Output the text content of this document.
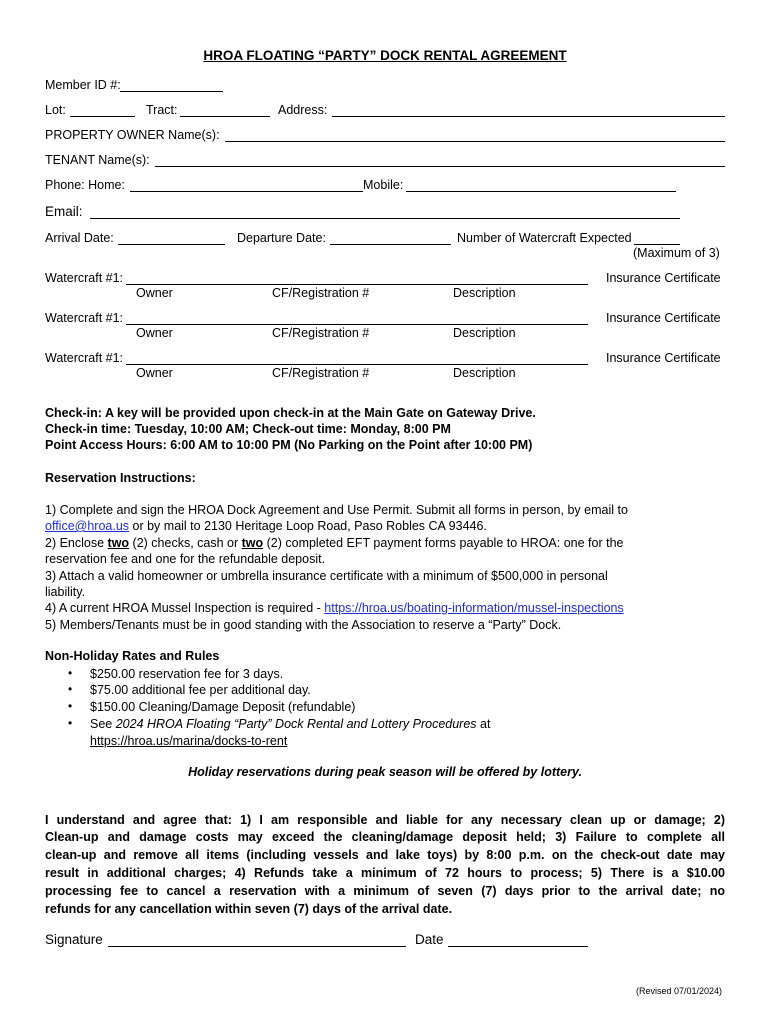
HROA FLOATING “PARTY” DOCK RENTAL AGREEMENT
Member ID #:
Lot:	Tract:	Address:
PROPERTY OWNER Name(s):
TENANT Name(s):
Phone: Home:	Mobile:
Email:
Arrival Date:	Departure Date:	Number of Watercraft Expected
(Maximum of 3)
Watercraft #1:	Insurance Certificate
Owner	CF/Registration #	Description
Watercraft #1:	Insurance Certificate
Owner	CF/Registration #	Description
Watercraft #1:	Insurance Certificate
Owner	CF/Registration #	Description
Check-in: A key will be provided upon check-in at the Main Gate on Gateway Drive.
Check-in time: Tuesday, 10:00 AM; Check-out time: Monday, 8:00 PM
Point Access Hours: 6:00 AM to 10:00 PM (No Parking on the Point after 10:00 PM)
Reservation Instructions:
1) Complete and sign the HROA Dock Agreement and Use Permit. Submit all forms in person, by email to
office@hroa.us or by mail to 2130 Heritage Loop Road, Paso Robles CA 93446.
2) Enclose two (2) checks, cash or two (2) completed EFT payment forms payable to HROA: one for the
reservation fee and one for the refundable deposit.
3) Attach a valid homeowner or umbrella insurance certificate with a minimum of $500,000 in personal
liability.
4) A current HROA Mussel Inspection is required - https://hroa.us/boating-information/mussel-inspections
5) Members/Tenants must be in good standing with the Association to reserve a “Party” Dock.
Non-Holiday Rates and Rules
• $250.00 reservation fee for 3 days.
• $75.00 additional fee per additional day.
• $150.00 Cleaning/Damage Deposit (refundable)
• See 2024 HROA Floating “Party” Dock Rental and Lottery Procedures at
https://hroa.us/marina/docks-to-rent
Holiday reservations during peak season will be offered by lottery.
I understand and agree that: 1) I am responsible and liable for any necessary clean up or damage; 2)
Clean-up and damage costs may exceed the cleaning/damage deposit held; 3) Failure to complete all
clean-up and remove all items (including vessels and lake toys) by 8:00 p.m. on the check-out date may
result in additional charges; 4) Refunds take a minimum of 72 hours to process; 5) There is a $10.00
processing fee to cancel a reservation with a minimum of seven (7) days prior to the arrival date; no
refunds for any cancellation within seven (7) days of the arrival date.
Signature	Date
(Revised 07/01/2024)
